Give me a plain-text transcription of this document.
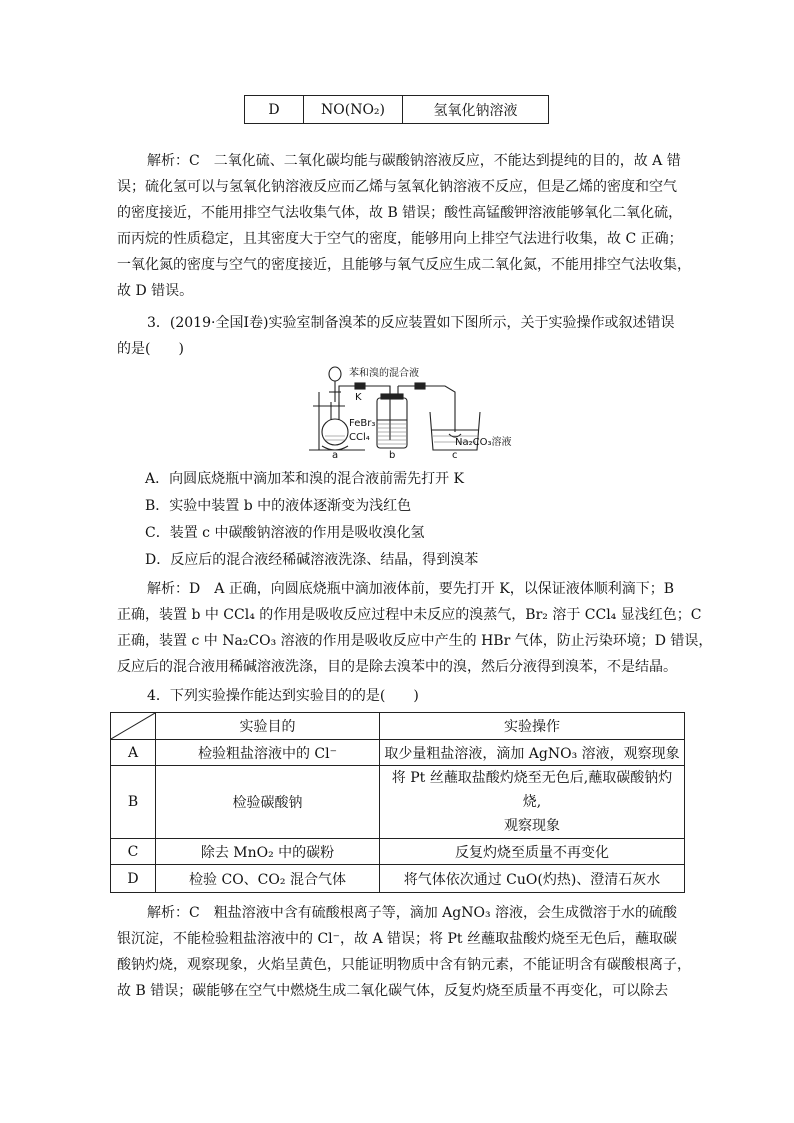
D	NO(NO₂)	氢氧化钠溶液
解析：C　二氧化硫、二氧化碳均能与碳酸钠溶液反应，不能达到提纯的目的，故 A 错
误；硫化氢可以与氢氧化钠溶液反应而乙烯与氢氧化钠溶液不反应，但是乙烯的密度和空气
的密度接近，不能用排空气法收集气体，故 B 错误；酸性高锰酸钾溶液能够氧化二氧化硫，
而丙烷的性质稳定，且其密度大于空气的密度，能够用向上排空气法进行收集，故 C 正确；
一氧化氮的密度与空气的密度接近，且能够与氧气反应生成二氧化氮，不能用排空气法收集，
故 D 错误。
3．(2019·全国Ⅰ卷)实验室制备溴苯的反应装置如下图所示，关于实验操作或叙述错误
的是(　　)
苯和溴的混合液
K
FeBr₃
CCl₄	Na₂CO₃溶液
a	b	c
A．向圆底烧瓶中滴加苯和溴的混合液前需先打开 K
B．实验中装置 b 中的液体逐渐变为浅红色
C．装置 c 中碳酸钠溶液的作用是吸收溴化氢
D．反应后的混合液经稀碱溶液洗涤、结晶，得到溴苯
解析：D　A 正确，向圆底烧瓶中滴加液体前，要先打开 K，以保证液体顺利滴下；B
正确，装置 b 中 CCl₄ 的作用是吸收反应过程中未反应的溴蒸气，Br₂ 溶于 CCl₄ 显浅红色；C
正确，装置 c 中 Na₂CO₃ 溶液的作用是吸收反应中产生的 HBr 气体，防止污染环境；D 错误，
反应后的混合液用稀碱溶液洗涤，目的是除去溴苯中的溴，然后分液得到溴苯，不是结晶。
4．下列实验操作能达到实验目的的是(　　)
	实验目的	实验操作
A	检验粗盐溶液中的 Cl⁻	取少量粗盐溶液，滴加 AgNO₃ 溶液，观察现象
B	检验碳酸钠	将 Pt 丝蘸取盐酸灼烧至无色后,蘸取碳酸钠灼烧,
观察现象

C	除去 MnO₂ 中的碳粉	反复灼烧至质量不再变化
D	检验 CO、CO₂ 混合气体	将气体依次通过 CuO(灼热)、澄清石灰水
解析：C　粗盐溶液中含有硫酸根离子等，滴加 AgNO₃ 溶液，会生成微溶于水的硫酸
银沉淀，不能检验粗盐溶液中的 Cl⁻，故 A 错误；将 Pt 丝蘸取盐酸灼烧至无色后，蘸取碳
酸钠灼烧，观察现象，火焰呈黄色，只能证明物质中含有钠元素，不能证明含有碳酸根离子，
故 B 错误；碳能够在空气中燃烧生成二氧化碳气体，反复灼烧至质量不再变化，可以除去
